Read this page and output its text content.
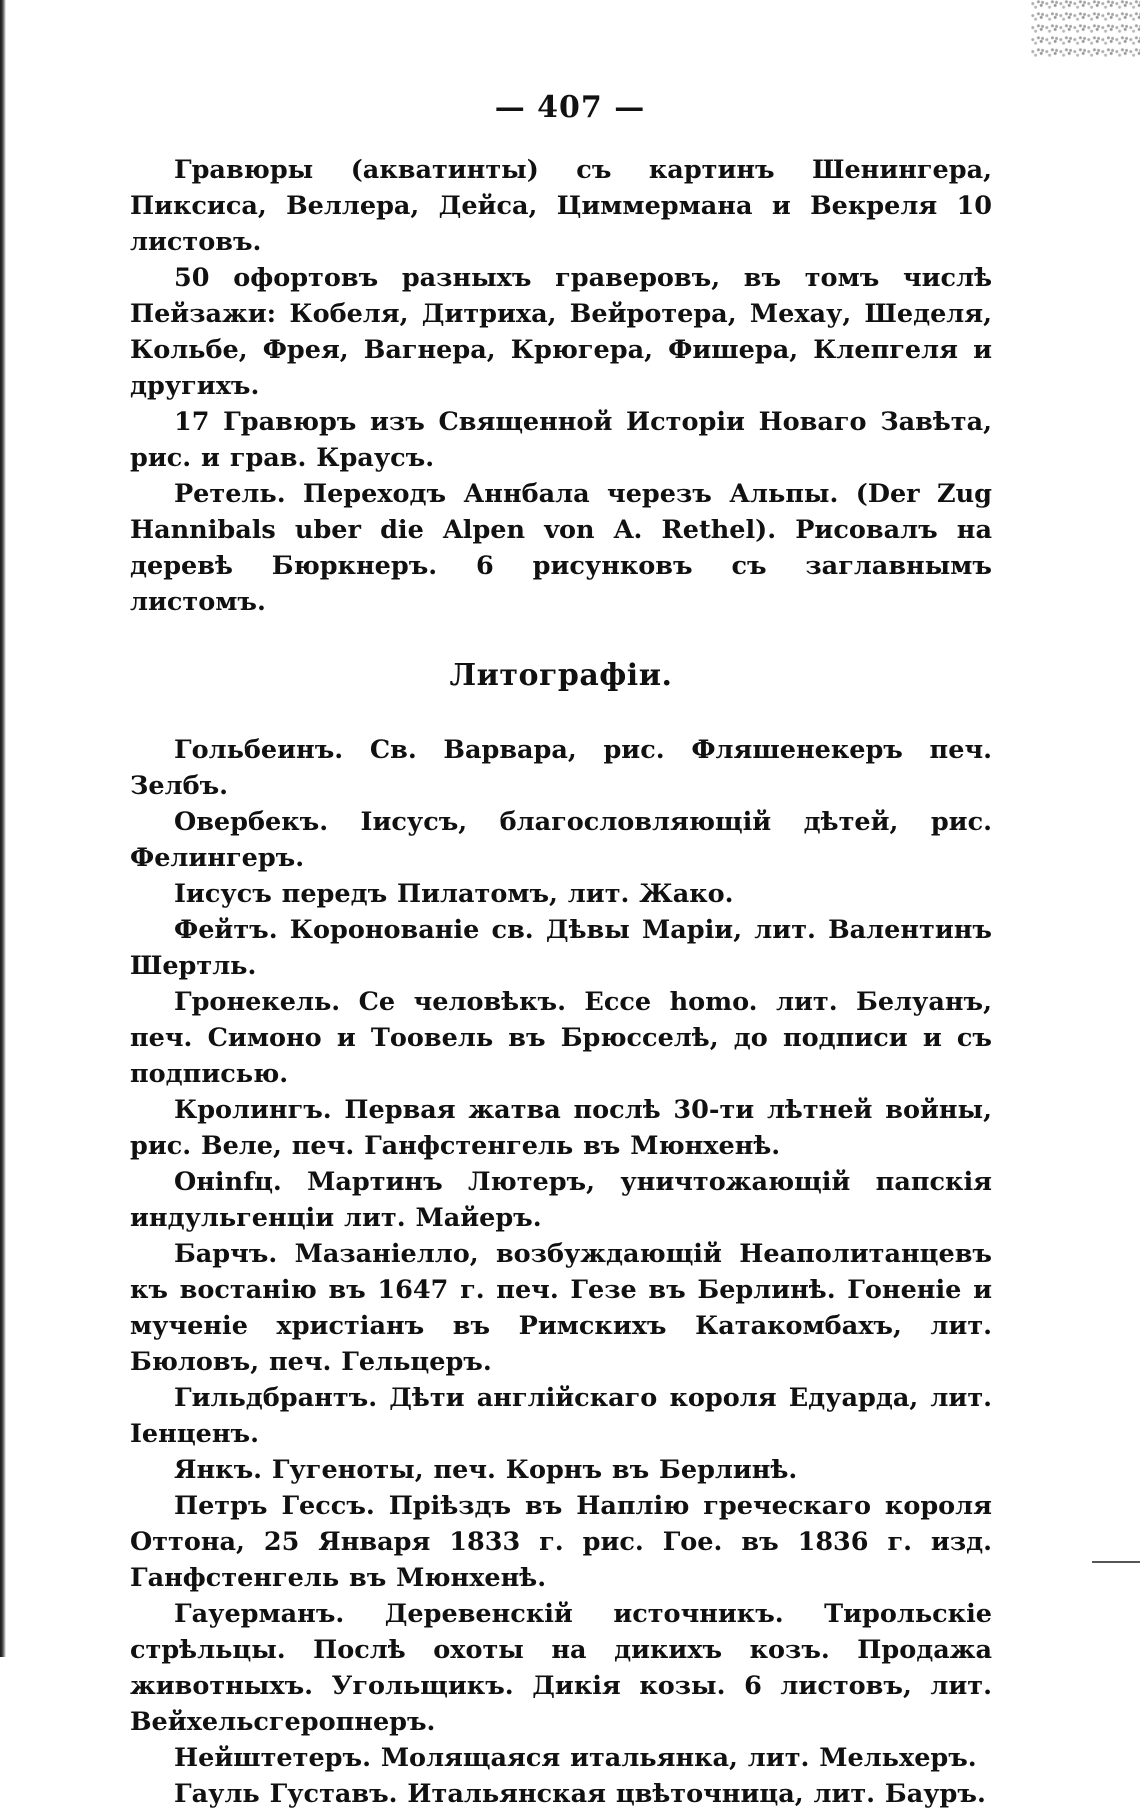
— 407 —

Гравюры (акватинты) съ картинъ Шенингера, Пиксиса, Веллера, Дейса, Циммермана и Векреля 10 листовъ.

50 офортовъ разныхъ граверовъ, въ томъ числѣ Пейзажи: Кобеля, Дитриха, Вейротера, Меxау, Шеделя, Кольбе, Фрея, Вагнера, Крюгера, Фишера, Клепгеля и другихъ.

17 Гравюръ изъ Священной Исторіи Новаго Завѣта, рис. и грав. Краусъ.

Ретель. Переходъ Аннбала черезъ Альпы. (Der Zug Hannibals uber die Alpen von A. Rethel). Рисовалъ на деревѣ Бюркнеръ. 6 рисунковъ съ заглавнымъ листомъ.

Литографіи.

Гольбеинъ. Св. Варвара, рис. Фляшенекеръ печ. Зелбъ.

Овербекъ. Іисусъ, благословляющій дѣтей, рис. Фелингеръ.

Іисусъ передъ Пилатомъ, лит. Жако.

Фейтъ. Коронованіе св. Дѣвы Маріи, лит. Валентинъ Шертль.

Гронекель. Се человѣкъ. Ecce homo. лит. Белуанъ, печ. Симоно и Тоовель въ Брюсселѣ, до подписи и съ подписью.

Кролингъ. Первая жатва послѣ 30-ти лѣтней войны, рис. Веле, печ. Ганфстенгель въ Мюнхенѣ.

Онinfц. Мартинъ Лютеръ, уничтожающій папскія индульгенціи лит. Майеръ.

Барчъ. Мазаніелло, возбуждающій Неаполитанцевъ къ востанію въ 1647 г. печ. Гезе въ Берлинѣ. Гоненіе и мученіе христіанъ въ Римскихъ Катакомбахъ, лит. Бюловъ, печ. Гельцеръ.

Гильдбрантъ. Дѣти англійскаго короля Едуарда, лит. Іенценъ.

Янкъ. Гугеноты, печ. Корнъ въ Берлинѣ.

Петръ Гессъ. Пріѣздъ въ Наплію греческаго короля Оттона, 25 Января 1833 г. рис. Гое. въ 1836 г. изд. Ганфстенгель въ Мюнхенѣ.

Гауерманъ. Деревенскій источникъ. Тирольскіе стрѣльцы. Послѣ охоты на дикихъ козъ. Продажа животныхъ. Угольщикъ. Дикія козы. 6 листовъ, лит. Вейхельсгеропнеръ.

Нейштетеръ. Молящаяся итальянка, лит. Мельхеръ.

Гауль Густавъ. Итальянская цвѣточница, лит. Бауръ.
